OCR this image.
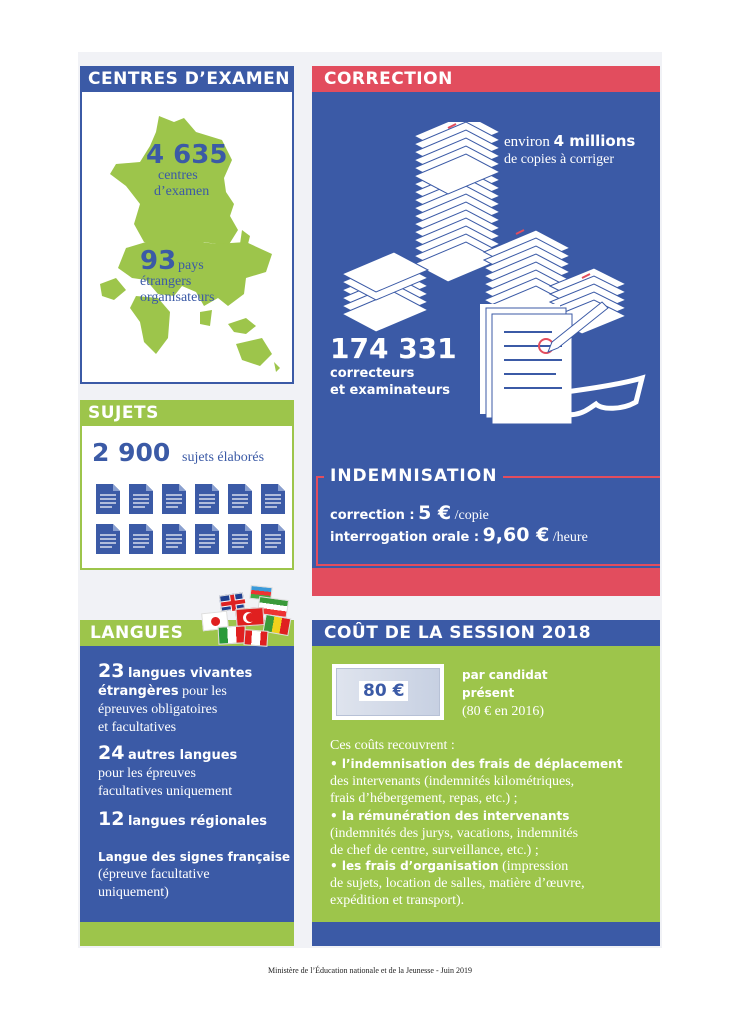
CENTRES D’EXAMEN
4 635
centres
d’examen
93 pays
étrangers
organisateurs
CORRECTION
environ 4 millions
de copies à corriger
174 331
correcteurs
et examinateurs
INDEMNISATION
correction : 5 € /copie
interrogation orale : 9,60 € /heure
SUJETS
2 900 sujets élaborés
LANGUES
23 langues vivantes
étrangères pour les
épreuves obligatoires
et facultatives
24 autres langues
pour les épreuves
facultatives uniquement
12 langues régionales
Langue des signes française
(épreuve facultative
uniquement)
COÛT DE LA SESSION 2018
80 €
par candidat
présent
(80 € en 2016)
Ces coûts recouvrent :
• l’indemnisation des frais de déplacement
des intervenants (indemnités kilométriques,
frais d’hébergement, repas, etc.) ;
• la rémunération des intervenants
(indemnités des jurys, vacations, indemnités
de chef de centre, surveillance, etc.) ;
• les frais d’organisation (impression
de sujets, location de salles, matière d’œuvre,
expédition et transport).
Ministère de l’Éducation nationale et de la Jeunesse - Juin 2019
